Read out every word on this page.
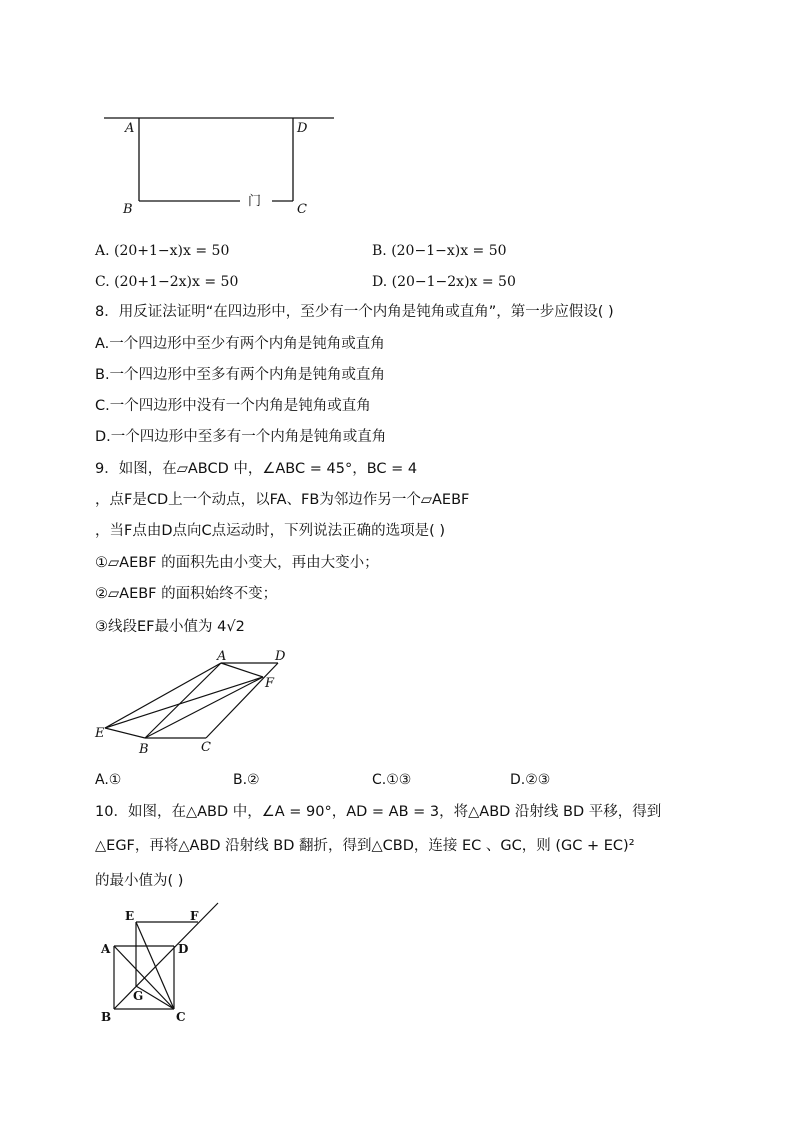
A	D
B	C
门
A. (20+1−x)x = 50	B. (20−1−x)x = 50
C. (20+1−2x)x = 50	D. (20−1−2x)x = 50
8．用反证法证明“在四边形中，至少有一个内角是钝角或直角”，第一步应假设( )
A.一个四边形中至少有两个内角是钝角或直角
B.一个四边形中至多有两个内角是钝角或直角
C.一个四边形中没有一个内角是钝角或直角
D.一个四边形中至多有一个内角是钝角或直角
9．如图，在▱ABCD 中，∠ABC = 45°，BC = 4
，点F是CD上一个动点，以FA、FB为邻边作另一个▱AEBF
，当F点由D点向C点运动时，下列说法正确的选项是( )
①▱AEBF 的面积先由小变大，再由大变小；
②▱AEBF 的面积始终不变；
③线段EF最小值为 4√2
A	D
F
E
B	C
A.①	B.②	C.①③	D.②③
10．如图，在△ABD 中，∠A = 90°，AD = AB = 3，将△ABD 沿射线 BD 平移，得到
△EGF，再将△ABD 沿射线 BD 翻折，得到△CBD，连接 EC 、GC，则 (GC + EC)²
的最小值为( )
E	F
A	D
G
B	C
